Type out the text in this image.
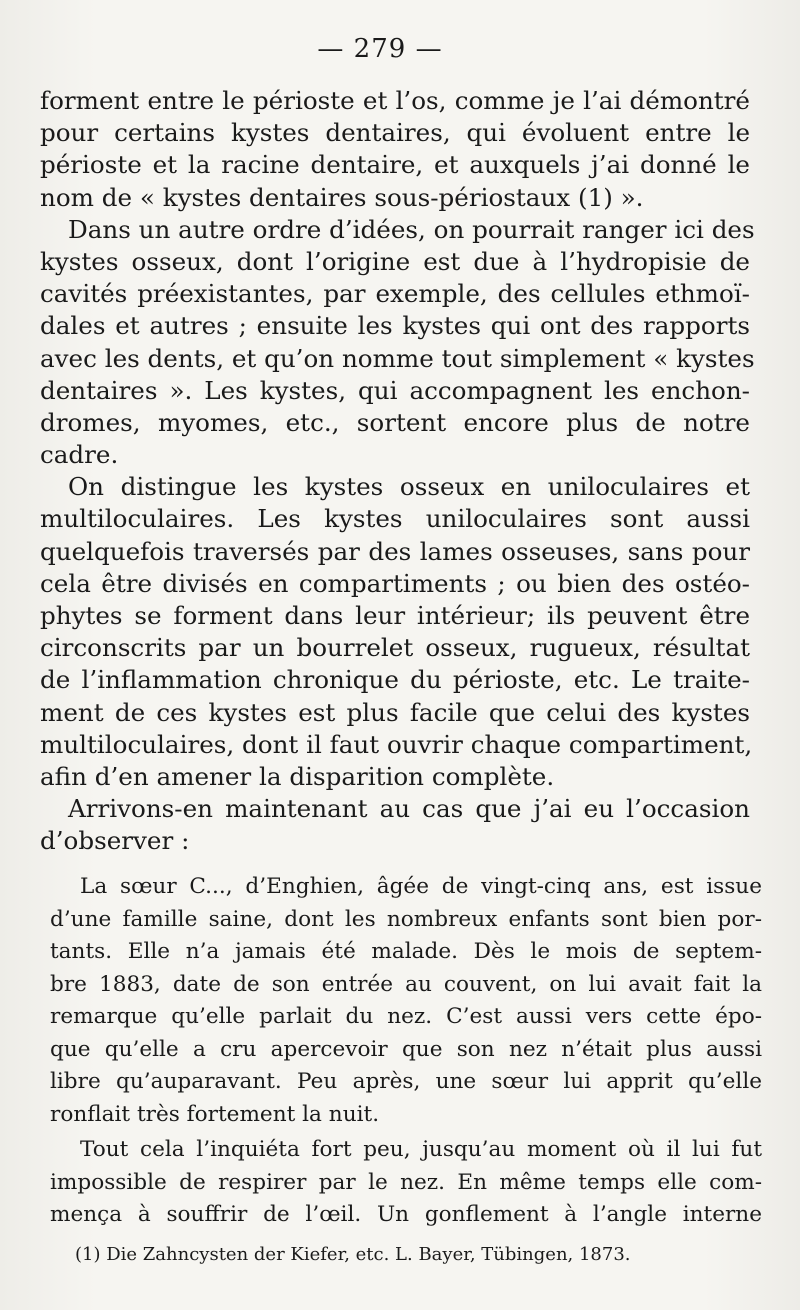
— 279 —
forment entre le périoste et l’os, comme je l’ai démontré
pour certains kystes dentaires, qui évoluent entre le
périoste et la racine dentaire, et auxquels j’ai donné le
nom de « kystes dentaires sous-périostaux (1) ».
Dans un autre ordre d’idées, on pourrait ranger ici des
kystes osseux, dont l’origine est due à l’hydropisie de
cavités préexistantes, par exemple, des cellules ethmoï-
dales et autres ; ensuite les kystes qui ont des rapports
avec les dents, et qu’on nomme tout simplement « kystes
dentaires ». Les kystes, qui accompagnent les enchon-
dromes, myomes, etc., sortent encore plus de notre
cadre.
On distingue les kystes osseux en uniloculaires et
multiloculaires. Les kystes uniloculaires sont aussi
quelquefois traversés par des lames osseuses, sans pour
cela être divisés en compartiments ; ou bien des ostéo-
phytes se forment dans leur intérieur; ils peuvent être
circonscrits par un bourrelet osseux, rugueux, résultat
de l’inflammation chronique du périoste, etc. Le traite-
ment de ces kystes est plus facile que celui des kystes
multiloculaires, dont il faut ouvrir chaque compartiment,
afin d’en amener la disparition complète.
Arrivons-en maintenant au cas que j’ai eu l’occasion
d’observer :
La sœur C..., d’Enghien, âgée de vingt-cinq ans, est issue
d’une famille saine, dont les nombreux enfants sont bien por-
tants. Elle n’a jamais été malade. Dès le mois de septem-
bre 1883, date de son entrée au couvent, on lui avait fait la
remarque qu’elle parlait du nez. C’est aussi vers cette épo-
que qu’elle a cru apercevoir que son nez n’était plus aussi
libre qu’auparavant. Peu après, une sœur lui apprit qu’elle
ronflait très fortement la nuit.
Tout cela l’inquiéta fort peu, jusqu’au moment où il lui fut
impossible de respirer par le nez. En même temps elle com-
mença à souffrir de l’œil. Un gonflement à l’angle interne
(1) Die Zahncysten der Kiefer, etc. L. Bayer, Tübingen, 1873.
